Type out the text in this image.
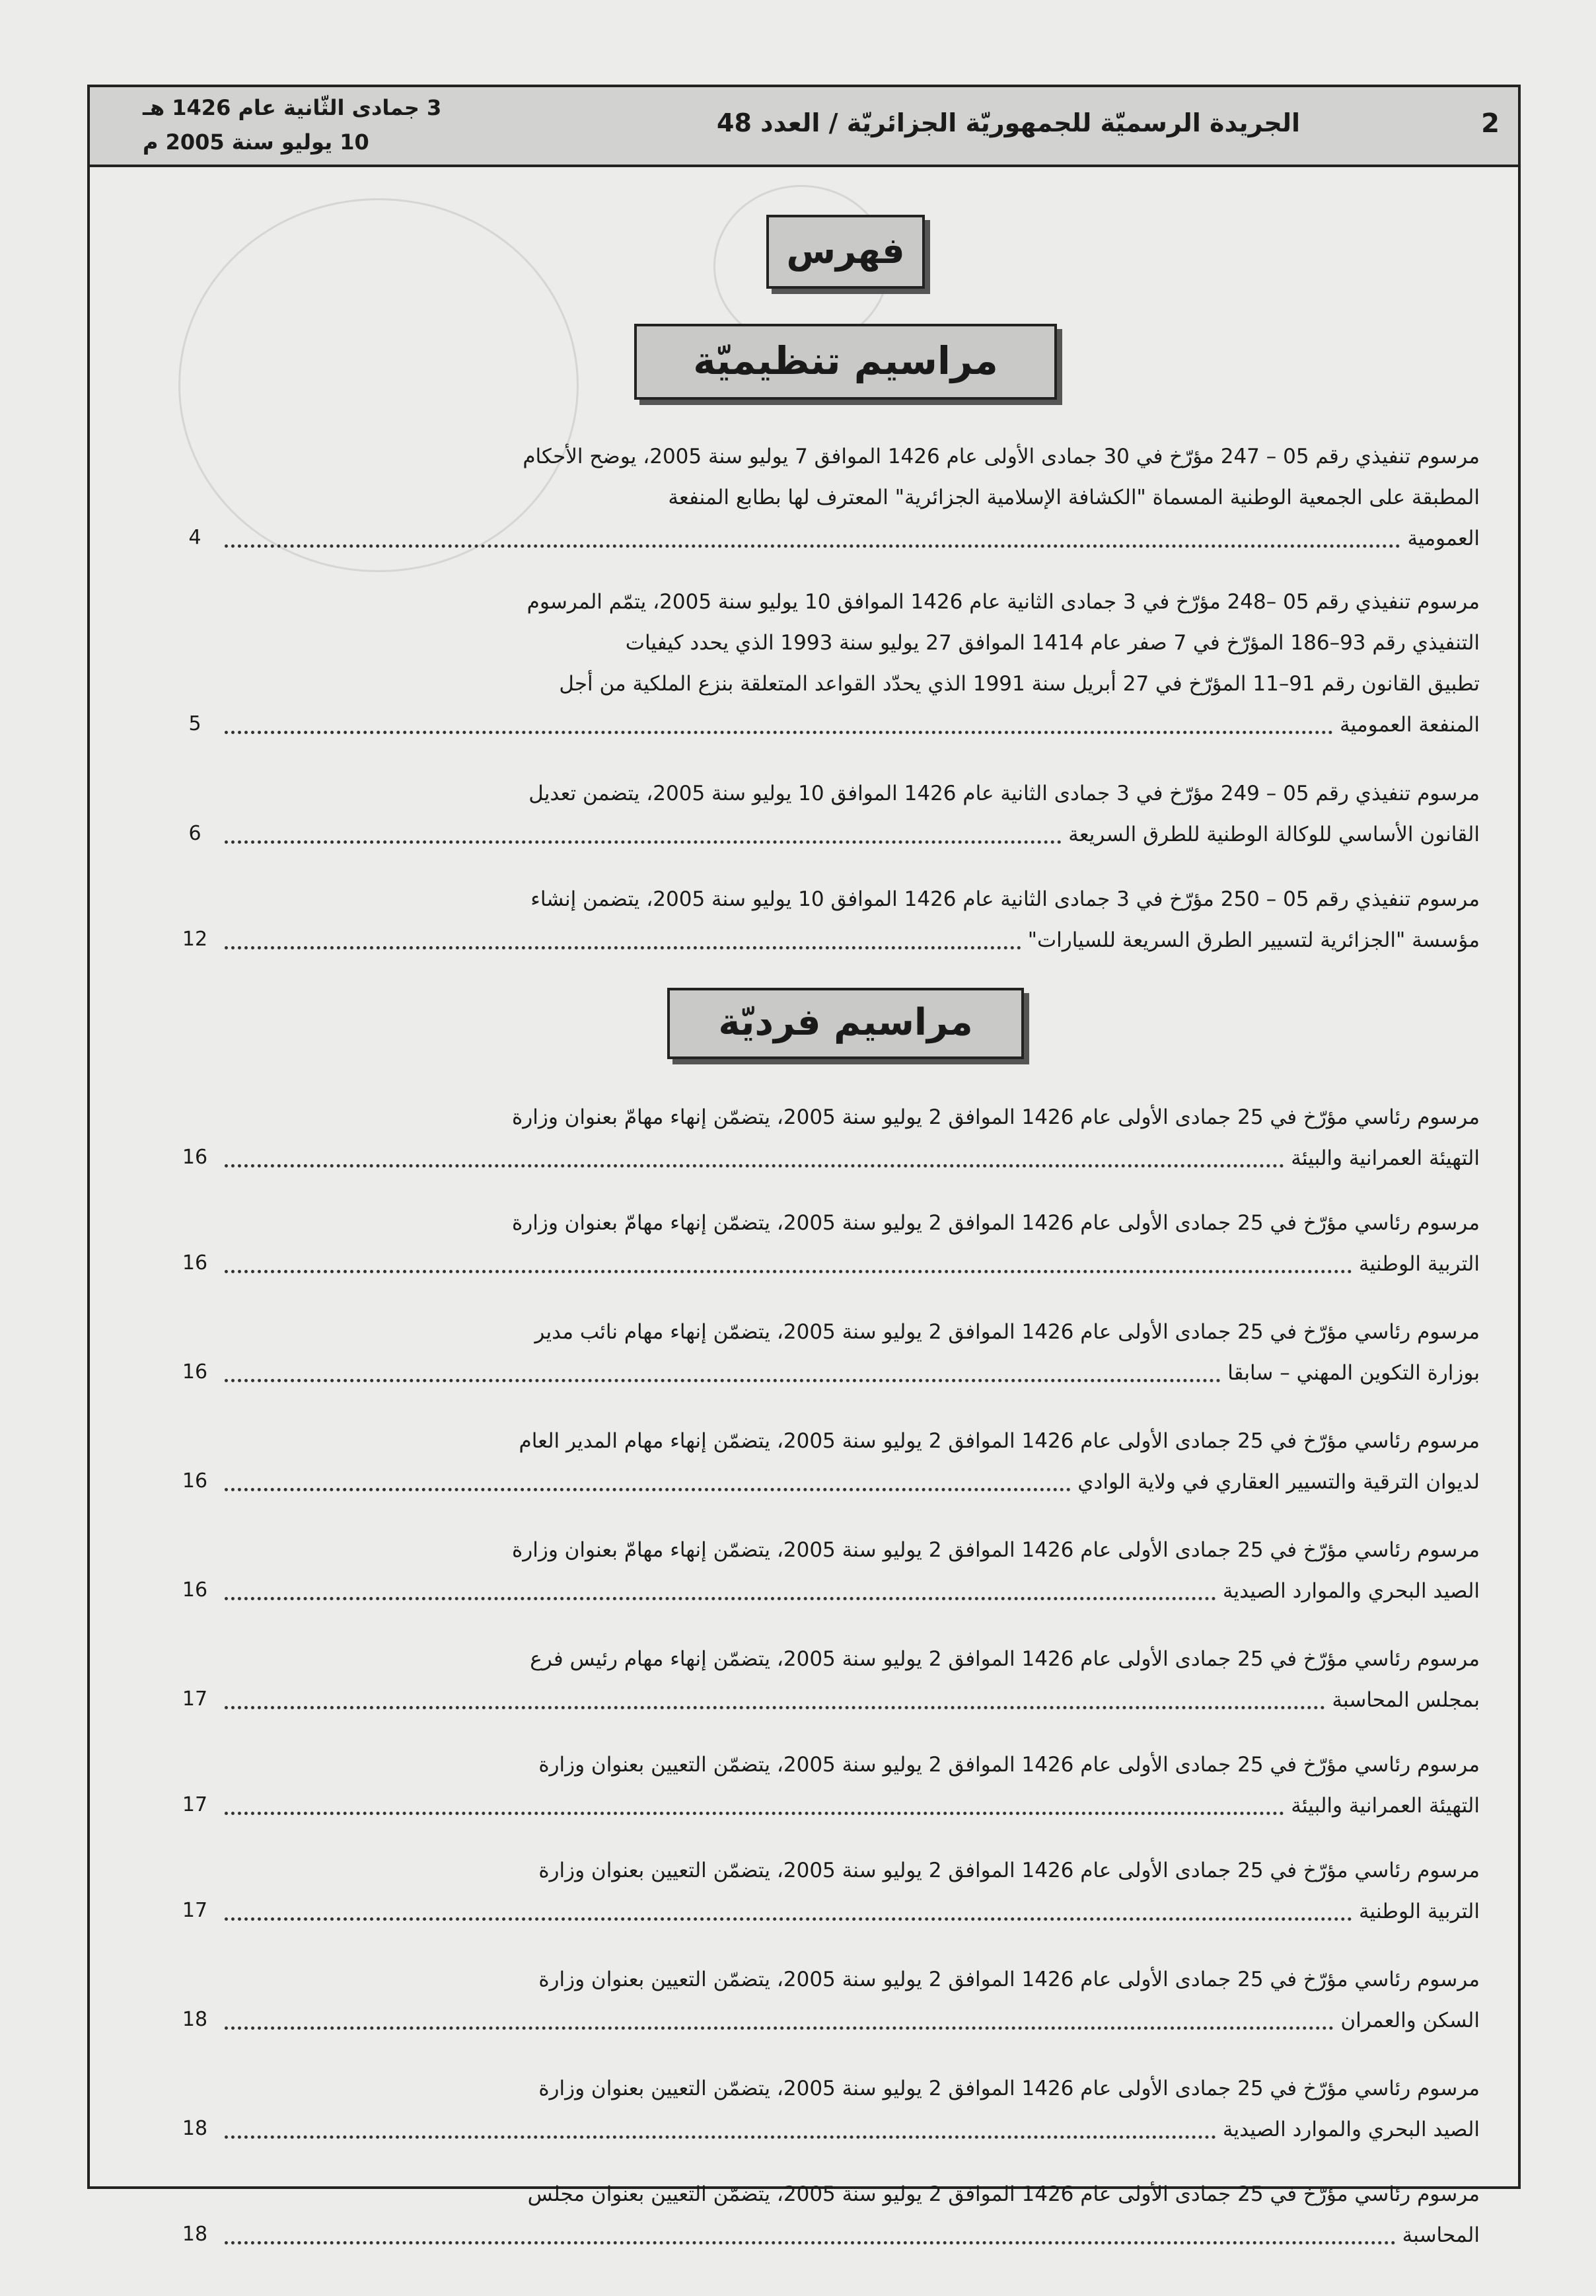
2
الجريدة الرسميّة للجمهوريّة الجزائريّة / العدد 48
3 جمادى الثّانية عام 1426 هـ
10 يوليو سنة 2005 م
فهرس
مراسيم تنظيميّة
مراسيم فرديّة
مرسوم تنفيذي رقم 05 – 247 مؤرّخ في 30 جمادى الأولى عام 1426 الموافق 7 يوليو سنة 2005، يوضح الأحكام
المطبقة على الجمعية الوطنية المسماة "الكشافة الإسلامية الجزائرية" المعترف لها بطابع المنفعة
العمومية
4
مرسوم تنفيذي رقم 05 –248 مؤرّخ في 3 جمادى الثانية عام 1426 الموافق 10 يوليو سنة 2005، يتمّم المرسوم
التنفيذي رقم 93–186 المؤرّخ في 7 صفر عام 1414 الموافق 27 يوليو سنة 1993 الذي يحدد كيفيات
تطبيق القانون رقم 91–11 المؤرّخ في 27 أبريل سنة 1991 الذي يحدّد القواعد المتعلقة بنزع الملكية من أجل
المنفعة العمومية
5
مرسوم تنفيذي رقم 05 – 249 مؤرّخ في 3 جمادى الثانية عام 1426 الموافق 10 يوليو سنة 2005، يتضمن تعديل
القانون الأساسي للوكالة الوطنية للطرق السريعة
6
مرسوم تنفيذي رقم 05 – 250 مؤرّخ في 3 جمادى الثانية عام 1426 الموافق 10 يوليو سنة 2005، يتضمن إنشاء
مؤسسة "الجزائرية لتسيير الطرق السريعة للسيارات"
12
مرسوم رئاسي مؤرّخ في 25 جمادى الأولى عام 1426 الموافق 2 يوليو سنة 2005، يتضمّن إنهاء مهامّ بعنوان وزارة
التهيئة العمرانية والبيئة
16
مرسوم رئاسي مؤرّخ في 25 جمادى الأولى عام 1426 الموافق 2 يوليو سنة 2005، يتضمّن إنهاء مهامّ بعنوان وزارة
التربية الوطنية
16
مرسوم رئاسي مؤرّخ في 25 جمادى الأولى عام 1426 الموافق 2 يوليو سنة 2005، يتضمّن إنهاء مهام نائب مدير
بوزارة التكوين المهني – سابقا
16
مرسوم رئاسي مؤرّخ في 25 جمادى الأولى عام 1426 الموافق 2 يوليو سنة 2005، يتضمّن إنهاء مهام المدير العام
لديوان الترقية والتسيير العقاري في ولاية الوادي
16
مرسوم رئاسي مؤرّخ في 25 جمادى الأولى عام 1426 الموافق 2 يوليو سنة 2005، يتضمّن إنهاء مهامّ بعنوان وزارة
الصيد البحري والموارد الصيدية
16
مرسوم رئاسي مؤرّخ في 25 جمادى الأولى عام 1426 الموافق 2 يوليو سنة 2005، يتضمّن إنهاء مهام رئيس فرع
بمجلس المحاسبة
17
مرسوم رئاسي مؤرّخ في 25 جمادى الأولى عام 1426 الموافق 2 يوليو سنة 2005، يتضمّن التعيين بعنوان وزارة
التهيئة العمرانية والبيئة
17
مرسوم رئاسي مؤرّخ في 25 جمادى الأولى عام 1426 الموافق 2 يوليو سنة 2005، يتضمّن التعيين بعنوان وزارة
التربية الوطنية
17
مرسوم رئاسي مؤرّخ في 25 جمادى الأولى عام 1426 الموافق 2 يوليو سنة 2005، يتضمّن التعيين بعنوان وزارة
السكن والعمران
18
مرسوم رئاسي مؤرّخ في 25 جمادى الأولى عام 1426 الموافق 2 يوليو سنة 2005، يتضمّن التعيين بعنوان وزارة
الصيد البحري والموارد الصيدية
18
مرسوم رئاسي مؤرّخ في 25 جمادى الأولى عام 1426 الموافق 2 يوليو سنة 2005، يتضمّن التعيين بعنوان مجلس
المحاسبة
18
